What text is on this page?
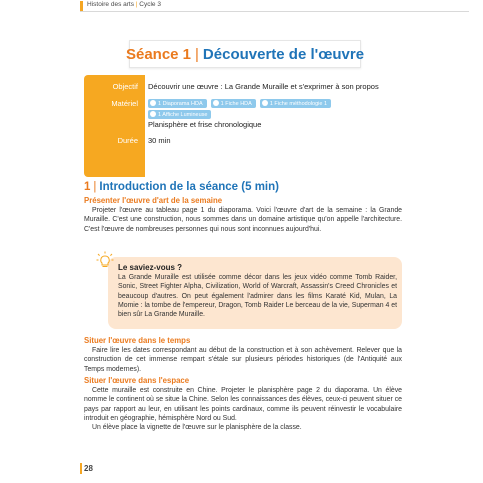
Histoire des arts | Cycle 3
Séance 1 | Découverte de l'œuvre
Objectif Découvrir une œuvre : La Grande Muraille et s'exprimer à son propos
Matériel	1 Diaporama HDA	1 Fiche HDA	1 Fiche méthodologie 1
1 Affiche Lumineuse
Planisphère et frise chronologique
Durée 30 min
1 | Introduction de la séance (5 min)
Présenter l'œuvre d'art de la semaine

Projeter l'œuvre au tableau page 1 du diaporama. Voici l'œuvre d'art de la semaine : la Grande Muraille. C'est une construction, nous sommes dans un domaine artistique qu'on appelle l'architecture. C'est l'œuvre de nombreuses personnes qui nous sont inconnues aujourd'hui.

Le saviez-vous ?

La Grande Muraille est utilisée comme décor dans les jeux vidéo comme Tomb Raider, Sonic, Street Fighter Alpha, Civilization, World of Warcraft, Assassin's Creed Chronicles et beaucoup d'autres. On peut également l'admirer dans les films Karaté Kid, Mulan, La Momie : la tombe de l'empereur, Dragon, Tomb Raider Le berceau de la vie, Superman 4 et bien sûr La Grande Muraille.

Situer l'œuvre dans le temps

Faire lire les dates correspondant au début de la construction et à son achèvement. Relever que la construction de cet immense rempart s'étale sur plusieurs périodes historiques (de l'Antiquité aux Temps modernes).

Situer l'œuvre dans l'espace

Cette muraille est construite en Chine. Projeter le planisphère page 2 du diaporama. Un élève nomme le continent où se situe la Chine. Selon les connaissances des élèves, ceux-ci peuvent situer ce pays par rapport au leur, en utilisant les points cardinaux, comme ils peuvent réinvestir le vocabulaire introduit en géographie, hémisphère Nord ou Sud.

Un élève place la vignette de l'œuvre sur le planisphère de la classe.

28
